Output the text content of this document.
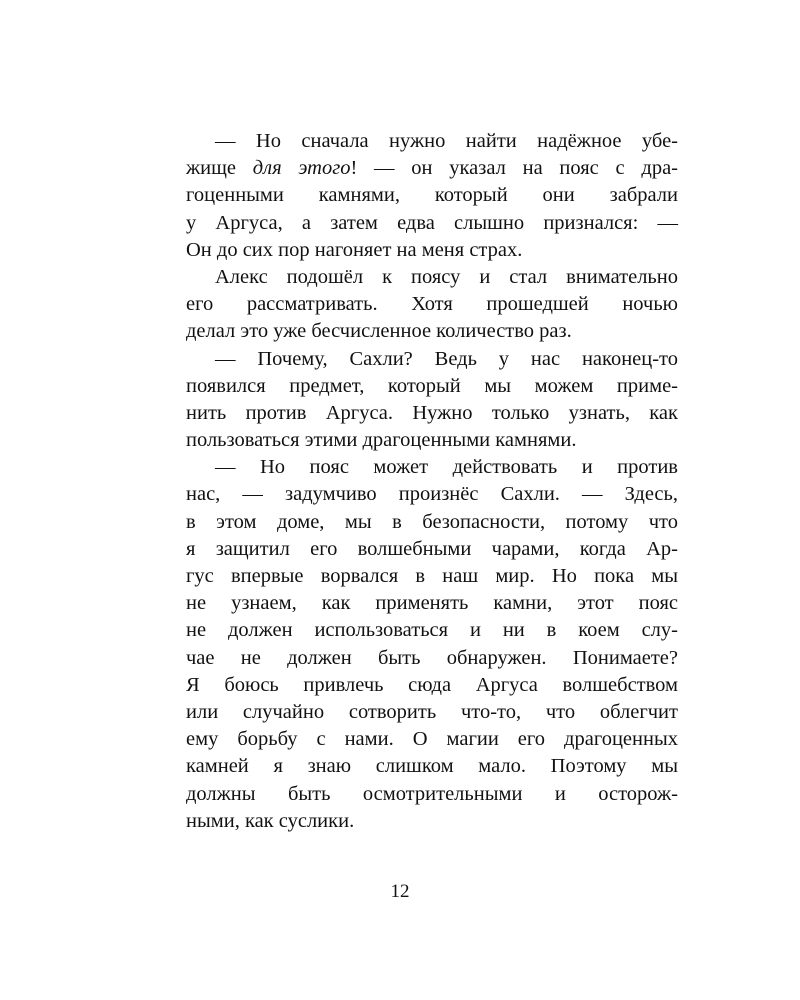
— Но сначала нужно найти надёжное убе-
жище для этого! — он указал на пояс с дра-
гоценными камнями, который они забрали
у Аргуса, а затем едва слышно признался: —
Он до сих пор нагоняет на меня страх.
Алекс подошёл к поясу и стал внимательно
его рассматривать. Хотя прошедшей ночью
делал это уже бесчисленное количество раз.
— Почему, Сахли? Ведь у нас наконец-то
появился предмет, который мы можем приме-
нить против Аргуса. Нужно только узнать, как
пользоваться этими драгоценными камнями.
— Но пояс может действовать и против
нас, — задумчиво произнёс Сахли. — Здесь,
в этом доме, мы в безопасности, потому что
я защитил его волшебными чарами, когда Ар-
гус впервые ворвался в наш мир. Но пока мы
не узнаем, как применять камни, этот пояс
не должен использоваться и ни в коем слу-
чае не должен быть обнаружен. Понимаете?
Я боюсь привлечь сюда Аргуса волшебством
или случайно сотворить что-то, что облегчит
ему борьбу с нами. О магии его драгоценных
камней я знаю слишком мало. Поэтому мы
должны быть осмотрительными и осторож-
ными, как суслики.
12
